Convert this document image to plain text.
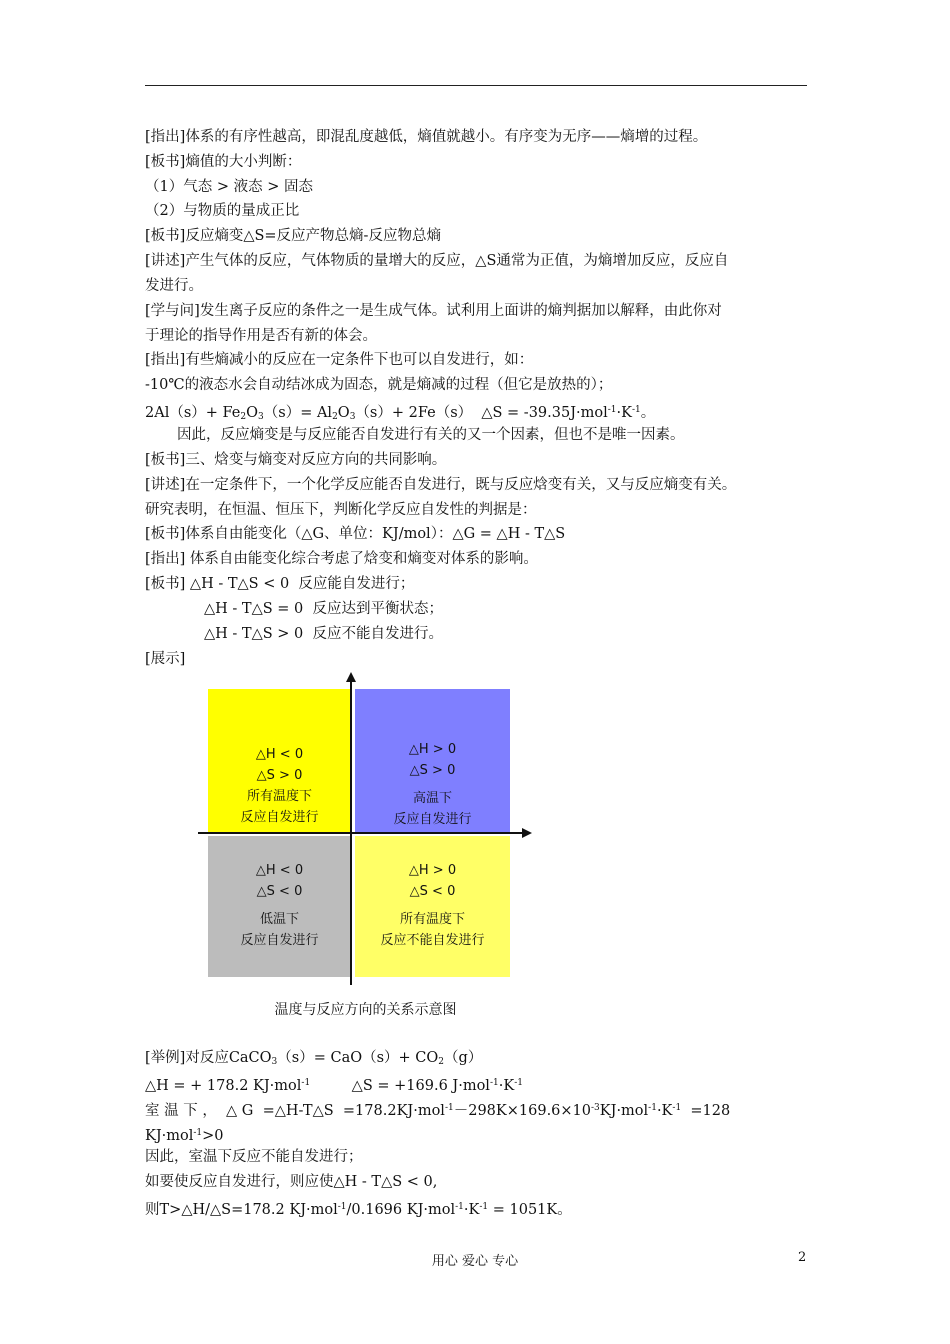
[指出]体系的有序性越高，即混乱度越低，熵值就越小。有序变为无序——熵增的过程。
[板书]熵值的大小判断：
（1）气态 > 液态 > 固态
（2）与物质的量成正比
[板书]反应熵变△S=反应产物总熵-反应物总熵
[讲述]产生气体的反应，气体物质的量增大的反应，△S通常为正值，为熵增加反应，反应自
发进行。
[学与问]发生离子反应的条件之一是生成气体。试利用上面讲的熵判据加以解释，由此你对
于理论的指导作用是否有新的体会。
[指出]有些熵减小的反应在一定条件下也可以自发进行，如：
-10℃的液态水会自动结冰成为固态，就是熵减的过程（但它是放热的）；
$2Al(s)+ Fe_2O_3(s)= Al_2O_3(s)+ 2Fe(s)$  △S = $-39.35J\cdot mol^{-1}\cdot K^{-1}$。
因此，反应熵变是与反应能否自发进行有关的又一个因素，但也不是唯一因素。
[板书]三、焓变与熵变对反应方向的共同影响。
[讲述]在一定条件下，一个化学反应能否自发进行，既与反应焓变有关，又与反应熵变有关。
研究表明，在恒温、恒压下，判断化学反应自发性的判据是：
[板书]体系自由能变化（△G、单位：KJ/mol）：△G = △H - T△S
[指出] 体系自由能变化综合考虑了焓变和熵变对体系的影响。
[板书] △H - T△S < 0  反应能自发进行；
△H - T△S = 0  反应达到平衡状态；
△H - T△S > 0  反应不能自发进行。
[展示]
△H < 0
△S > 0
所有温度下
反应自发进行
△H > 0
△S > 0
高温下
反应自发进行
△H < 0
△S < 0
低温下
反应自发进行
△H > 0
△S < 0
所有温度下
反应不能自发进行
温度与反应方向的关系示意图
[举例]对反应CaCO$_3$（s）= $CaO(s)+ CO_2(g)$
△H = + 178.2 KJ·mol$^{-1}$         △S = +169.6 $J\cdot mol^{-1}\cdot K^{-1}$
室 温 下 ，  △ G  =△H-T△S  $=178.2KJ\cdot mol^{-1}-298K\times 169.6\times 10^{-3}KJ\cdot mol^{-1}\cdot K^{-1} =128$
KJ·mol$^{-1}$>0
因此，室温下反应不能自发进行；
如要使反应自发进行，则应使△H - T△S < 0,
则T>△H/△S=178.2 KJ·mol$^{-1}$/0.1696 $KJ\cdot mol^{-1}\cdot K^{-1} = 1051K$。
用心 爱心 专心	2
